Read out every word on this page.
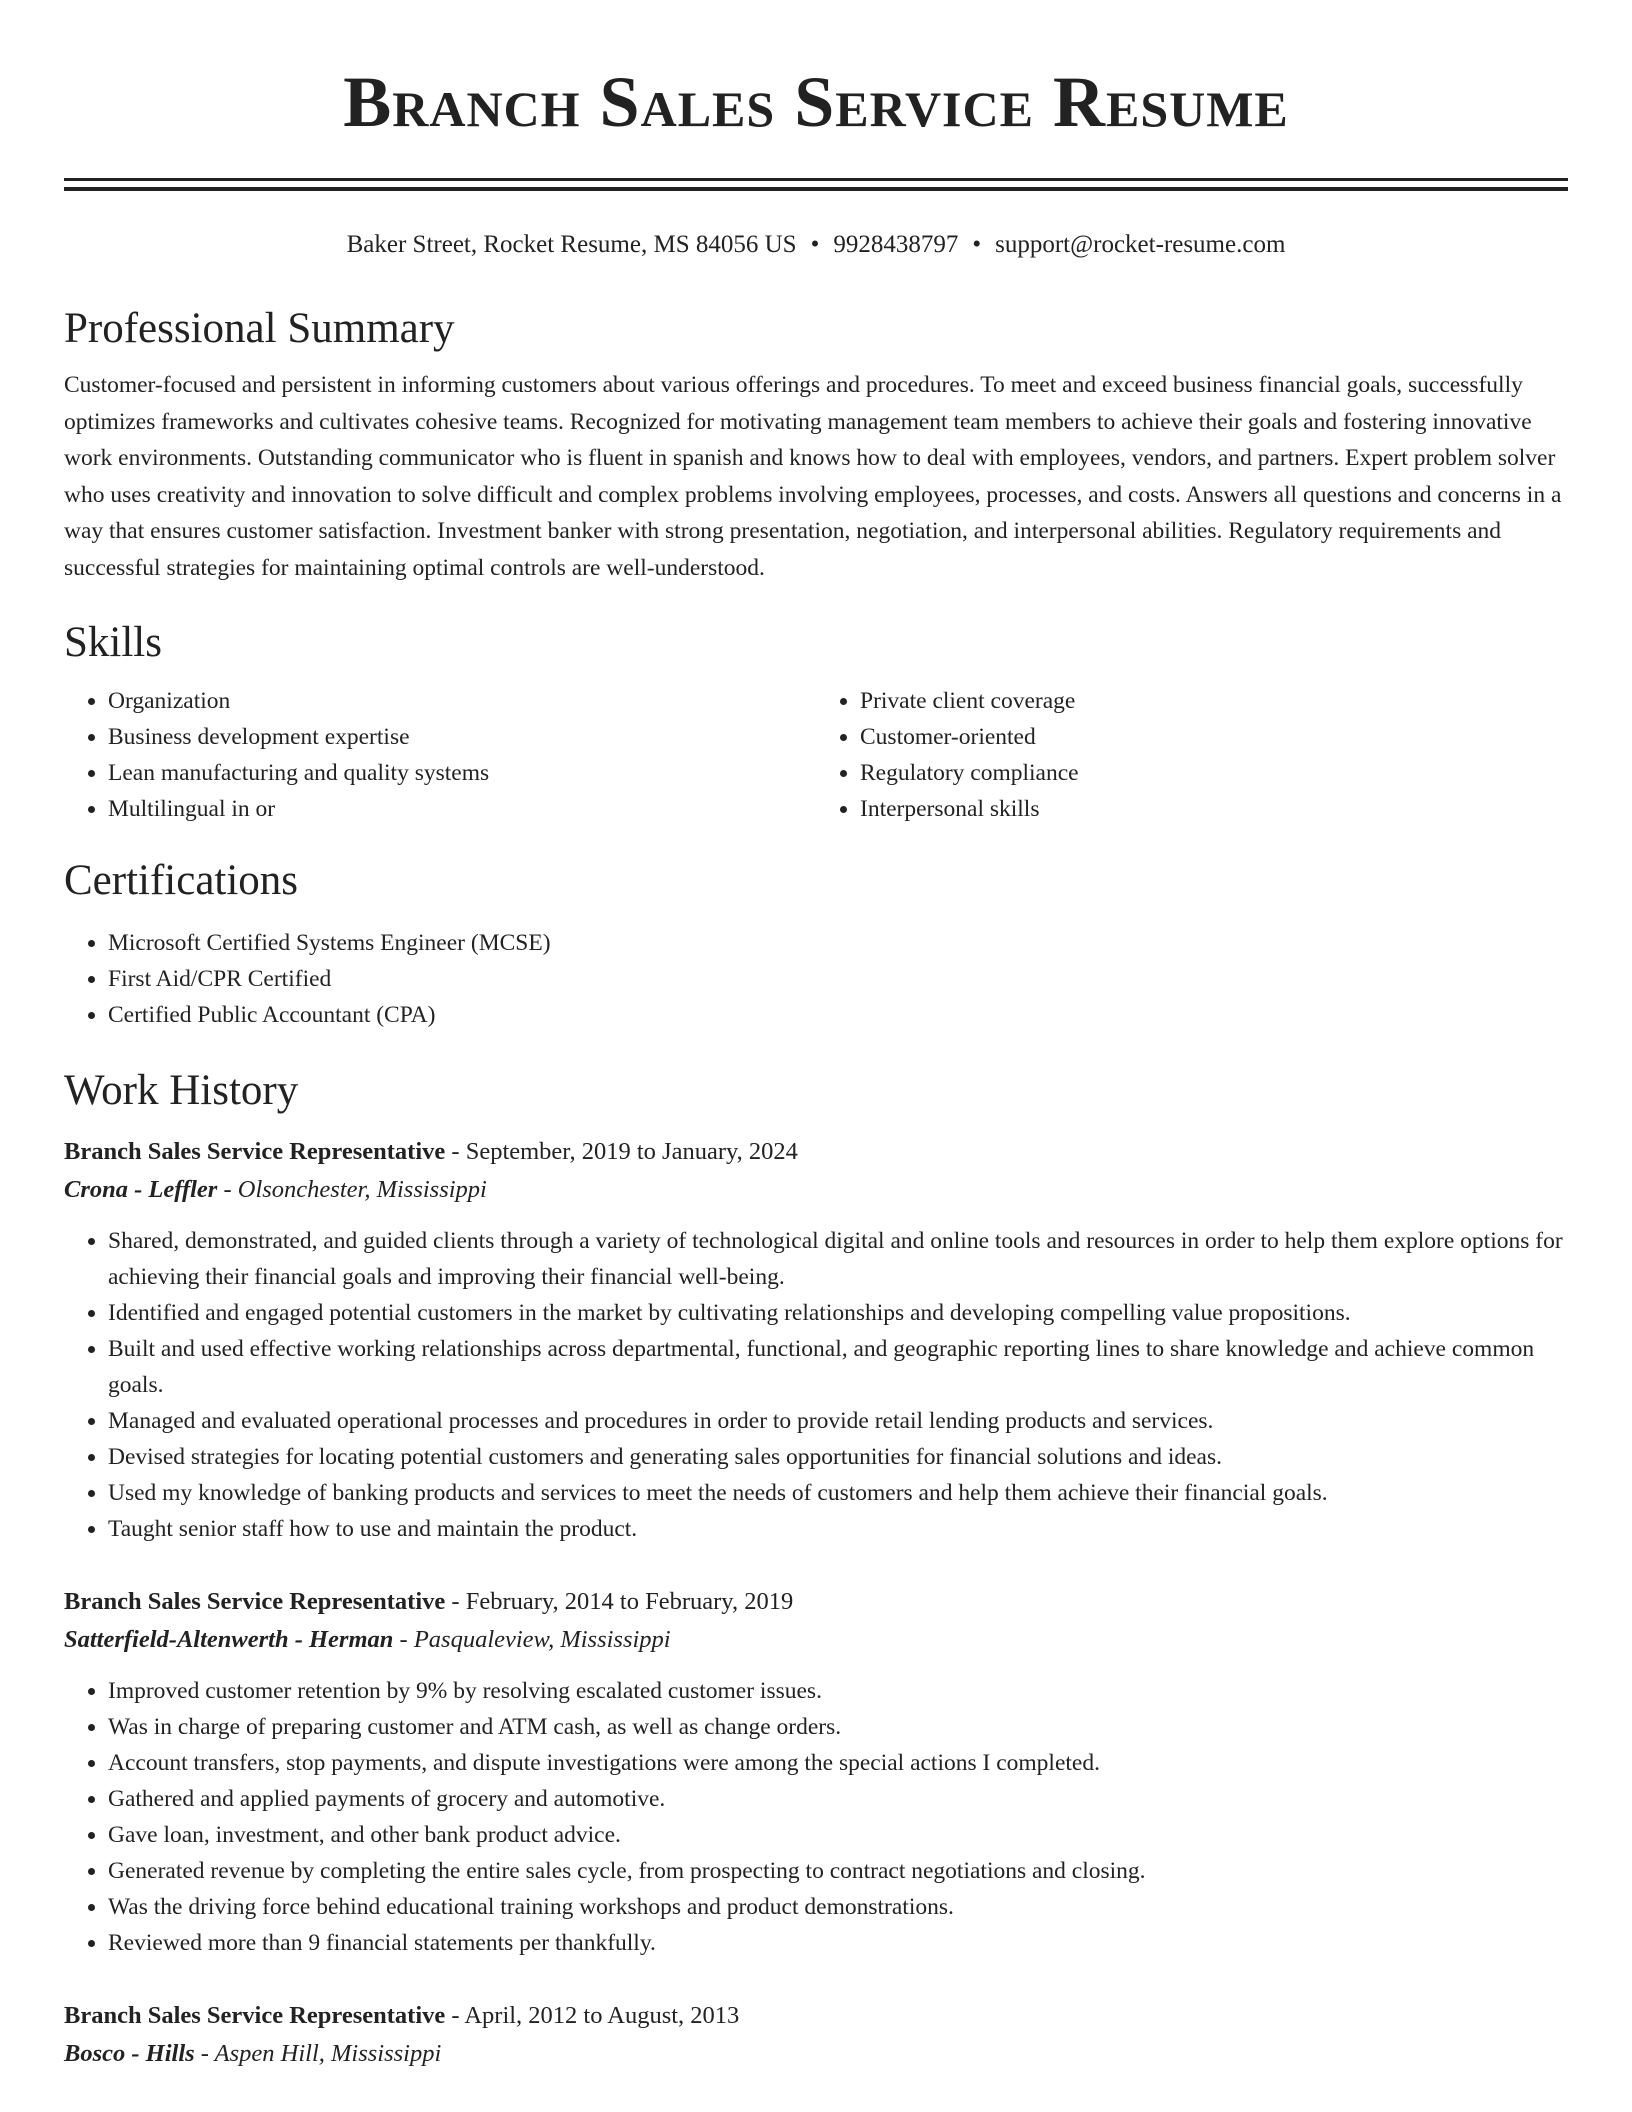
Branch Sales Service Resume
Baker Street, Rocket Resume, MS 84056 US • 9928438797 • support@rocket-resume.com
Professional Summary

Customer-focused and persistent in informing customers about various offerings and procedures. To meet and exceed business financial goals, successfully optimizes frameworks and cultivates cohesive teams. Recognized for motivating management team members to achieve their goals and fostering innovative work environments. Outstanding communicator who is fluent in spanish and knows how to deal with employees, vendors, and partners. Expert problem solver who uses creativity and innovation to solve difficult and complex problems involving employees, processes, and costs. Answers all questions and concerns in a way that ensures customer satisfaction. Investment banker with strong presentation, negotiation, and interpersonal abilities. Regulatory requirements and successful strategies for maintaining optimal controls are well-understood.

Skills
• Organization
• Business development expertise
• Lean manufacturing and quality systems
• Multilingual in or
• Private client coverage
• Customer-oriented
• Regulatory compliance
• Interpersonal skills
Certifications
• Microsoft Certified Systems Engineer (MCSE)
• First Aid/CPR Certified
• Certified Public Accountant (CPA)
Work History
Branch Sales Service Representative - September, 2019 to January, 2024
Crona - Leffler - Olsonchester, Mississippi
• Shared, demonstrated, and guided clients through a variety of technological digital and online tools and resources in order to help them explore options for achieving their financial goals and improving their financial well-being.
• Identified and engaged potential customers in the market by cultivating relationships and developing compelling value propositions.
• Built and used effective working relationships across departmental, functional, and geographic reporting lines to share knowledge and achieve common goals.
• Managed and evaluated operational processes and procedures in order to provide retail lending products and services.
• Devised strategies for locating potential customers and generating sales opportunities for financial solutions and ideas.
• Used my knowledge of banking products and services to meet the needs of customers and help them achieve their financial goals.
• Taught senior staff how to use and maintain the product.
Branch Sales Service Representative - February, 2014 to February, 2019
Satterfield-Altenwerth - Herman - Pasqualeview, Mississippi
• Improved customer retention by 9% by resolving escalated customer issues.
• Was in charge of preparing customer and ATM cash, as well as change orders.
• Account transfers, stop payments, and dispute investigations were among the special actions I completed.
• Gathered and applied payments of grocery and automotive.
• Gave loan, investment, and other bank product advice.
• Generated revenue by completing the entire sales cycle, from prospecting to contract negotiations and closing.
• Was the driving force behind educational training workshops and product demonstrations.
• Reviewed more than 9 financial statements per thankfully.
Branch Sales Service Representative - April, 2012 to August, 2013
Bosco - Hills - Aspen Hill, Mississippi
